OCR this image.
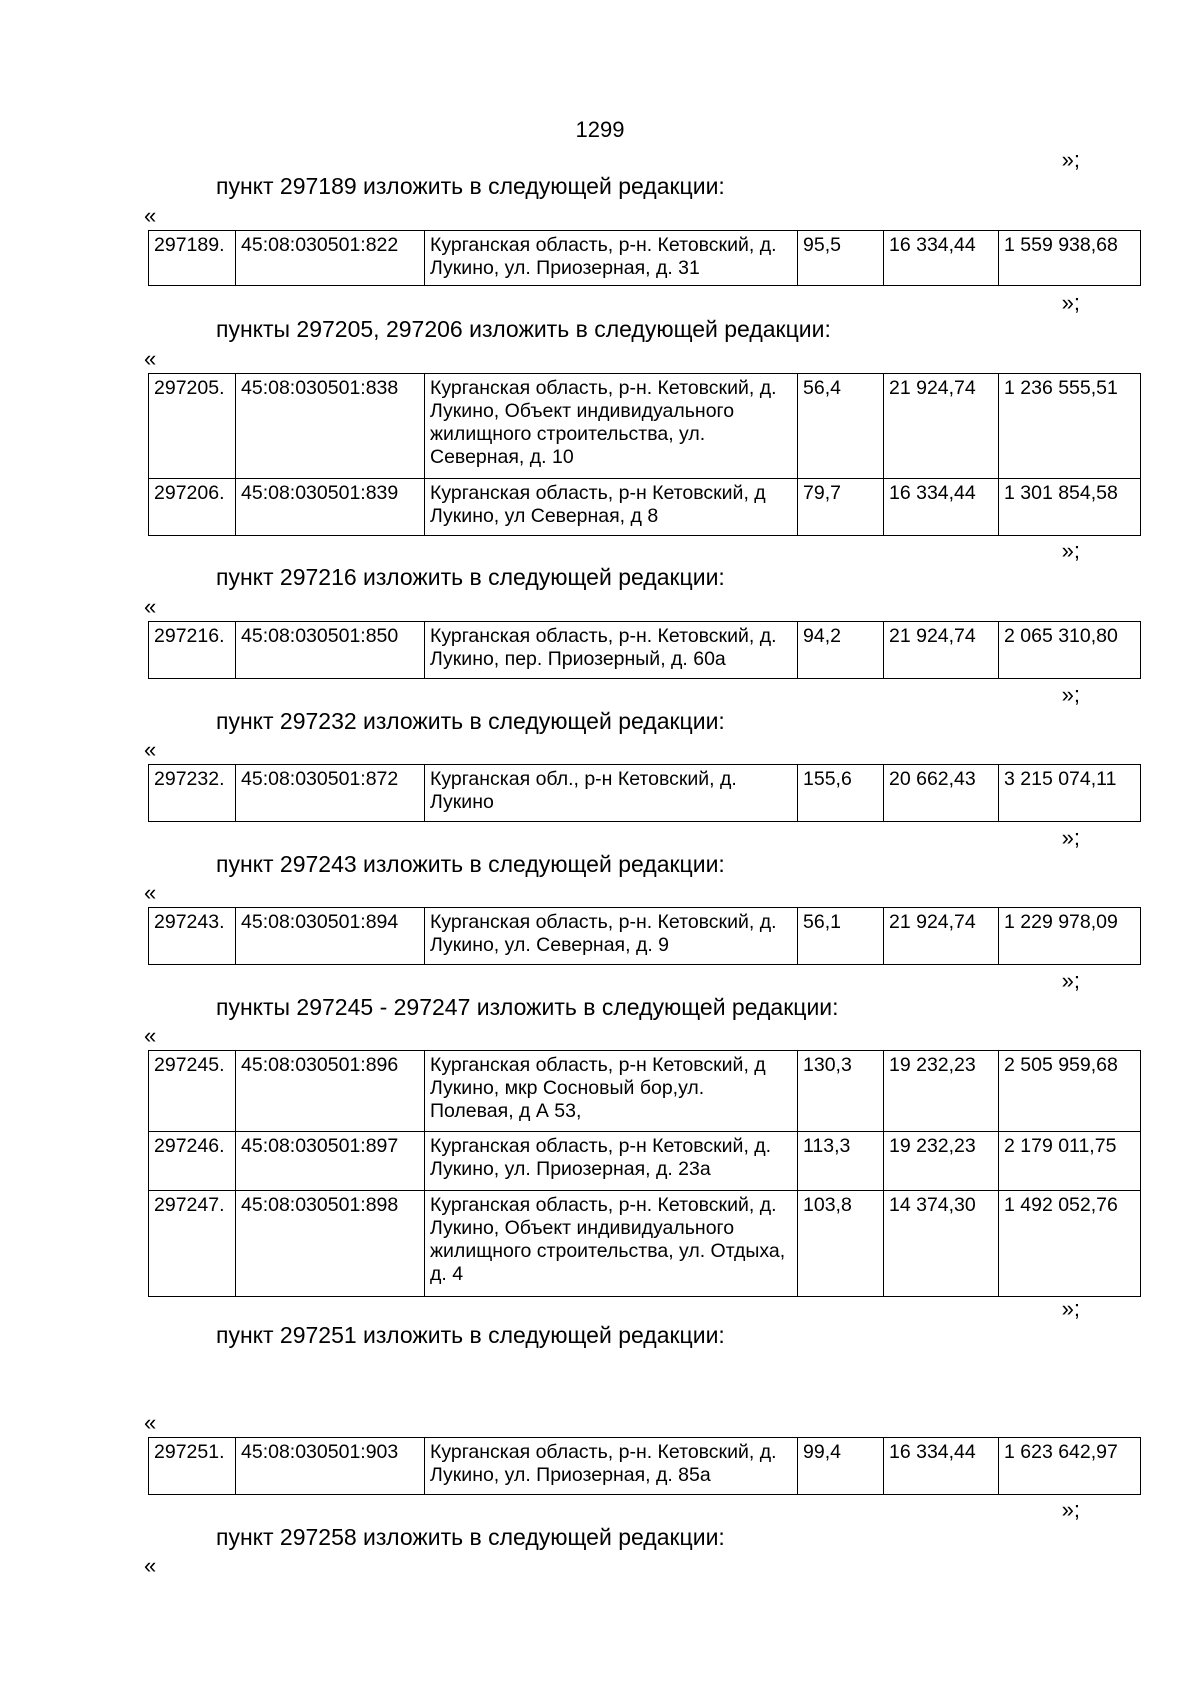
1299
»;
»;
»;
»;
»;
»;
»;
»;
пункт 297189 изложить в следующей редакции:
«
297189.	45:08:030501:822	Курганская область, р-н. Кетовский, д. Лукино, ул. Приозерная, д. 31	95,5	16 334,44	1 559 938,68
пункты 297205, 297206 изложить в следующей редакции:
«
297205.	45:08:030501:838	Курганская область, р-н. Кетовский, д. Лукино, Объект индивидуального жилищного строительства, ул. Северная, д. 10	56,4	21 924,74	1 236 555,51
297206.	45:08:030501:839	Курганская область, р-н Кетовский, д Лукино, ул Северная, д 8	79,7	16 334,44	1 301 854,58
пункт 297216 изложить в следующей редакции:
«
297216.	45:08:030501:850	Курганская область, р-н. Кетовский, д. Лукино, пер. Приозерный, д. 60а	94,2	21 924,74	2 065 310,80
пункт 297232 изложить в следующей редакции:
«
297232.	45:08:030501:872	Курганская обл., р-н Кетовский, д. Лукино	155,6	20 662,43	3 215 074,11
пункт 297243 изложить в следующей редакции:
«
297243.	45:08:030501:894	Курганская область, р-н. Кетовский, д. Лукино, ул. Северная, д. 9	56,1	21 924,74	1 229 978,09
пункты 297245 - 297247 изложить в следующей редакции:
«
297245.	45:08:030501:896	Курганская область, р-н Кетовский, д Лукино, мкр Сосновый бор,ул. Полевая, д А 53,	130,3	19 232,23	2 505 959,68
297246.	45:08:030501:897	Курганская область, р-н Кетовский, д. Лукино, ул. Приозерная, д. 23а	113,3	19 232,23	2 179 011,75
297247.	45:08:030501:898	Курганская область, р-н. Кетовский, д. Лукино, Объект индивидуального жилищного строительства, ул. Отдыха, д. 4	103,8	14 374,30	1 492 052,76
пункт 297251 изложить в следующей редакции:
«
297251.	45:08:030501:903	Курганская область, р-н. Кетовский, д. Лукино, ул. Приозерная, д. 85а	99,4	16 334,44	1 623 642,97
пункт 297258 изложить в следующей редакции:
«
